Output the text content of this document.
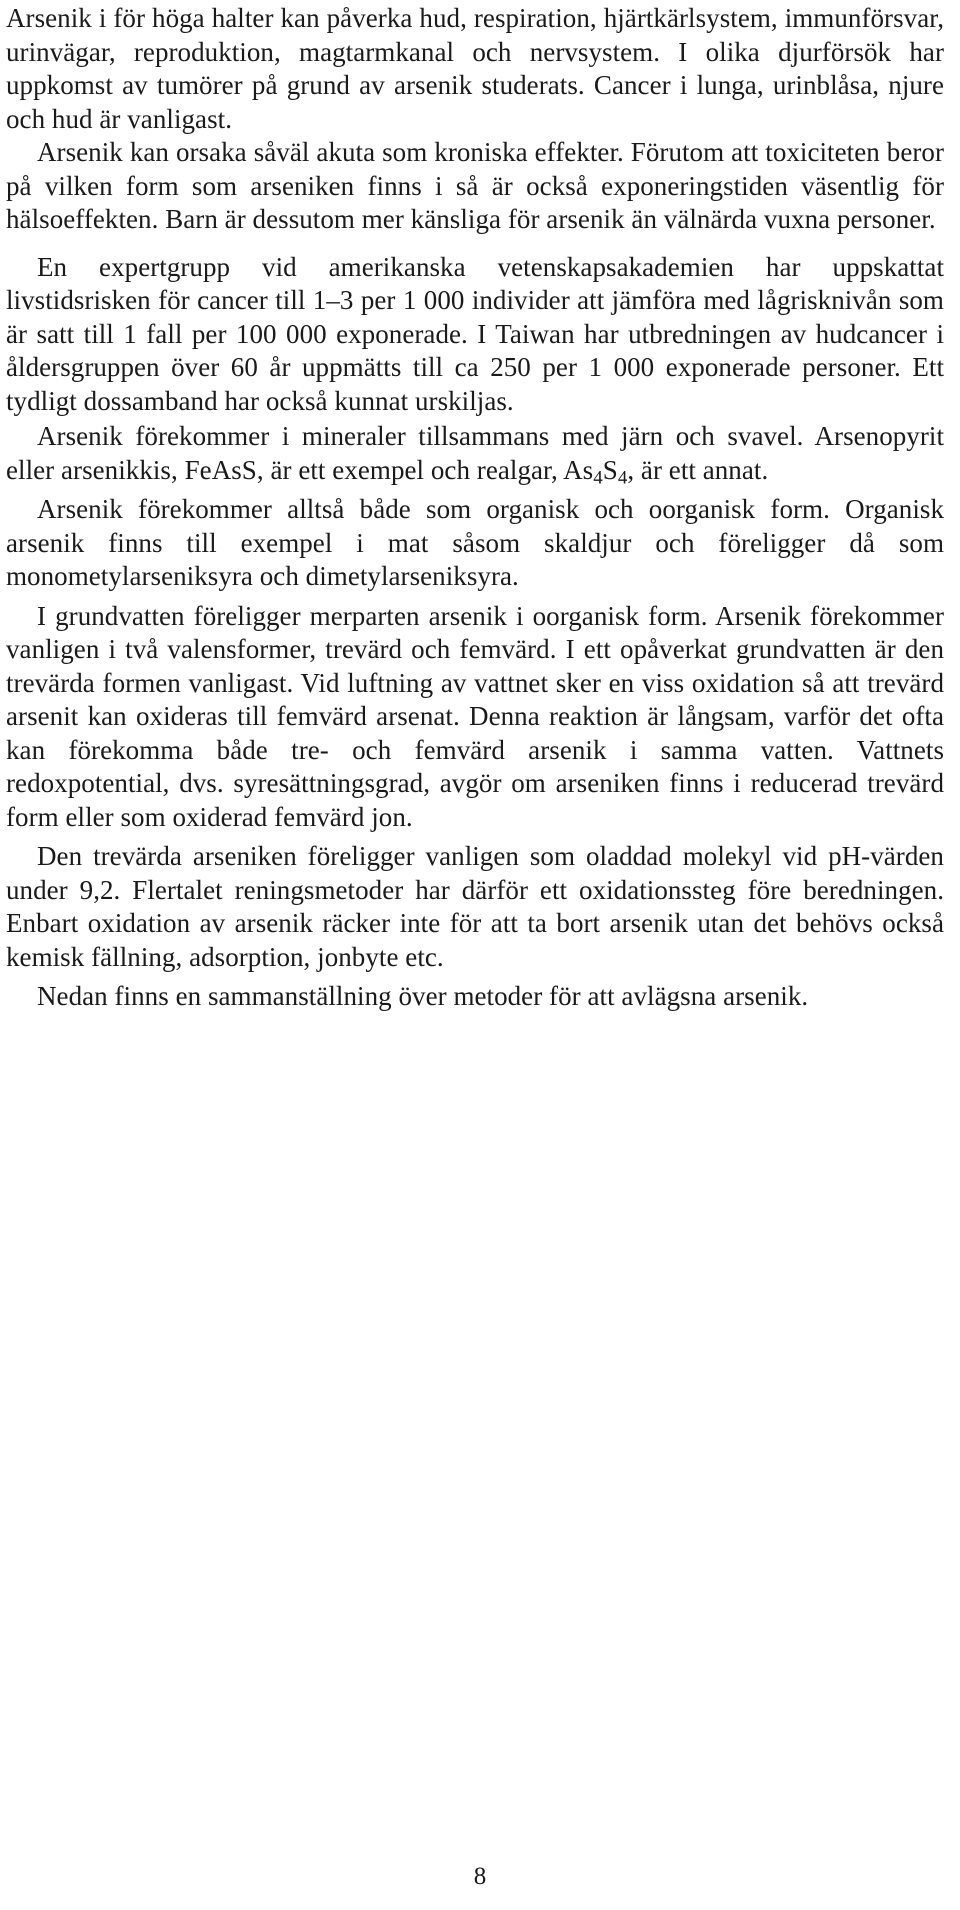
Arsenik i för höga halter kan påverka hud, respiration, hjärtkärlsystem, immunförsvar, urinvägar, reproduktion, magtarmkanal och nervsystem. I olika djurförsök har uppkomst av tumörer på grund av arsenik studerats. Cancer i lunga, urinblåsa, njure och hud är vanligast.

Arsenik kan orsaka såväl akuta som kroniska effekter. Förutom att toxiciteten beror på vilken form som arseniken finns i så är också exponeringstiden väsentlig för hälsoeffekten. Barn är dessutom mer känsliga för arsenik än välnärda vuxna personer.

En expertgrupp vid amerikanska vetenskapsakademien har uppskattat livstidsrisken för cancer till 1–3 per 1 000 individer att jämföra med lågrisknivån som är satt till 1 fall per 100 000 exponerade. I Taiwan har utbredningen av hudcancer i åldersgruppen över 60 år uppmätts till ca 250 per 1 000 exponerade personer. Ett tydligt dossamband har också kunnat urskiljas.

Arsenik förekommer i mineraler tillsammans med järn och svavel. Arsenopyrit eller arsenikkis, FeAsS, är ett exempel och realgar, $As_4S_4$, är ett annat.

Arsenik förekommer alltså både som organisk och oorganisk form. Organisk arsenik finns till exempel i mat såsom skaldjur och föreligger då som monometylarseniksyra och dimetylarseniksyra.

I grundvatten föreligger merparten arsenik i oorganisk form. Arsenik förekommer vanligen i två valensformer, trevärd och femvärd. I ett opåverkat grundvatten är den trevärda formen vanligast. Vid luftning av vattnet sker en viss oxidation så att trevärd arsenit kan oxideras till femvärd arsenat. Denna reaktion är långsam, varför det ofta kan förekomma både tre- och femvärd arsenik i samma vatten. Vattnets redoxpotential, dvs. syresättningsgrad, avgör om arseniken finns i reducerad trevärd form eller som oxiderad femvärd jon.

Den trevärda arseniken föreligger vanligen som oladdad molekyl vid pH-värden under 9,2. Flertalet reningsmetoder har därför ett oxidationssteg före beredningen. Enbart oxidation av arsenik räcker inte för att ta bort arsenik utan det behövs också kemisk fällning, adsorption, jonbyte etc.

Nedan finns en sammanställning över metoder för att avlägsna arsenik.

8
